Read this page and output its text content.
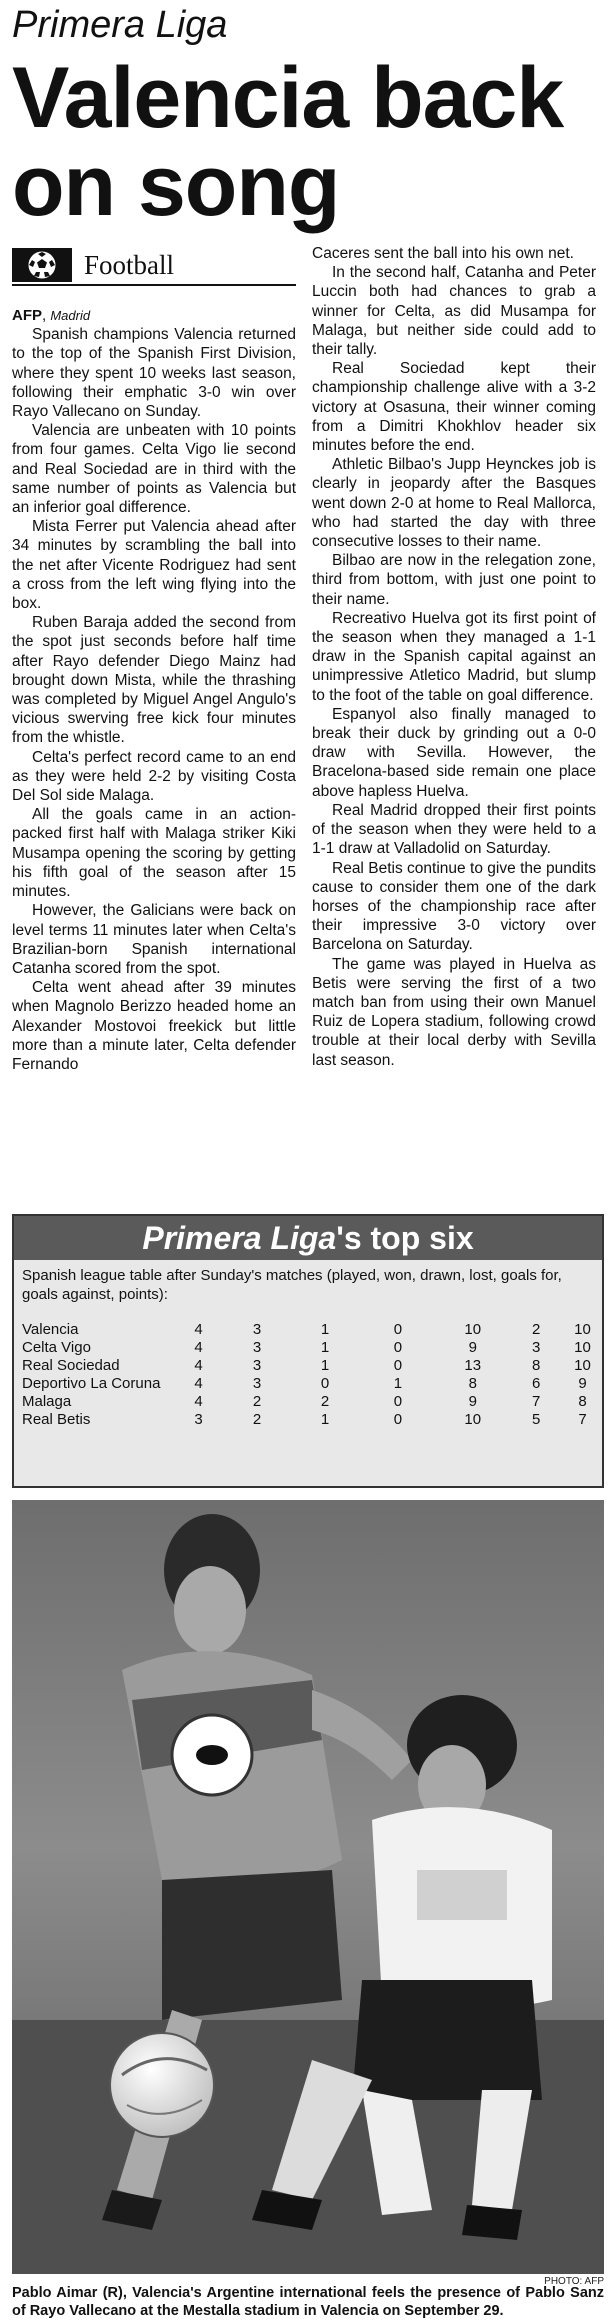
Primera Liga
Valencia back on song
Football

AFP, Madrid

Spanish champions Valencia returned to the top of the Spanish First Division, where they spent 10 weeks last season, following their emphatic 3-0 win over Rayo Vallecano on Sunday.

Valencia are unbeaten with 10 points from four games. Celta Vigo lie second and Real Sociedad are in third with the same number of points as Valencia but an inferior goal difference.

Mista Ferrer put Valencia ahead after 34 minutes by scrambling the ball into the net after Vicente Rodriguez had sent a cross from the left wing flying into the box.

Ruben Baraja added the second from the spot just seconds before half time after Rayo defender Diego Mainz had brought down Mista, while the thrashing was completed by Miguel Angel Angulo's vicious swerving free kick four minutes from the whistle.

Celta's perfect record came to an end as they were held 2-2 by visiting Costa Del Sol side Malaga.

All the goals came in an action-packed first half with Malaga striker Kiki Musampa opening the scoring by getting his fifth goal of the season after 15 minutes.

However, the Galicians were back on level terms 11 minutes later when Celta's Brazilian-born Spanish international Catanha scored from the spot.

Celta went ahead after 39 minutes when Magnolo Berizzo headed home an Alexander Mostovoi freekick but little more than a minute later, Celta defender Fernando

Caceres sent the ball into his own net.

In the second half, Catanha and Peter Luccin both had chances to grab a winner for Celta, as did Musampa for Malaga, but neither side could add to their tally.

Real Sociedad kept their championship challenge alive with a 3-2 victory at Osasuna, their winner coming from a Dimitri Khokhlov header six minutes before the end.

Athletic Bilbao's Jupp Heynckes job is clearly in jeopardy after the Basques went down 2-0 at home to Real Mallorca, who had started the day with three consecutive losses to their name.

Bilbao are now in the relegation zone, third from bottom, with just one point to their name.

Recreativo Huelva got its first point of the season when they managed a 1-1 draw in the Spanish capital against an unimpressive Atletico Madrid, but slump to the foot of the table on goal difference.

Espanyol also finally managed to break their duck by grinding out a 0-0 draw with Sevilla. However, the Bracelona-based side remain one place above hapless Huelva.

Real Madrid dropped their first points of the season when they were held to a 1-1 draw at Valladolid on Saturday.

Real Betis continue to give the pundits cause to consider them one of the dark horses of the championship race after their impressive 3-0 victory over Barcelona on Saturday.

The game was played in Huelva as Betis were serving the first of a two match ban from using their own Manuel Ruiz de Lopera stadium, following crowd trouble at their local derby with Sevilla last season.

Primera Liga's top six
Spanish league table after Sunday's matches (played, won, drawn, lost, goals for, goals against, points):
Valencia	4	3	1	0	10	2	10
Celta Vigo	4	3	1	0	9	3	10
Real Sociedad	4	3	1	0	13	8	10
Deportivo La Coruna	4	3	0	1	8	6	9
Malaga	4	2	2	0	9	7	8
Real Betis	3	2	1	0	10	5	7
PHOTO: AFP
Pablo Aimar (R), Valencia's Argentine international feels the presence of Pablo Sanz of Rayo Vallecano at the Mestalla stadium in Valencia on September 29.
